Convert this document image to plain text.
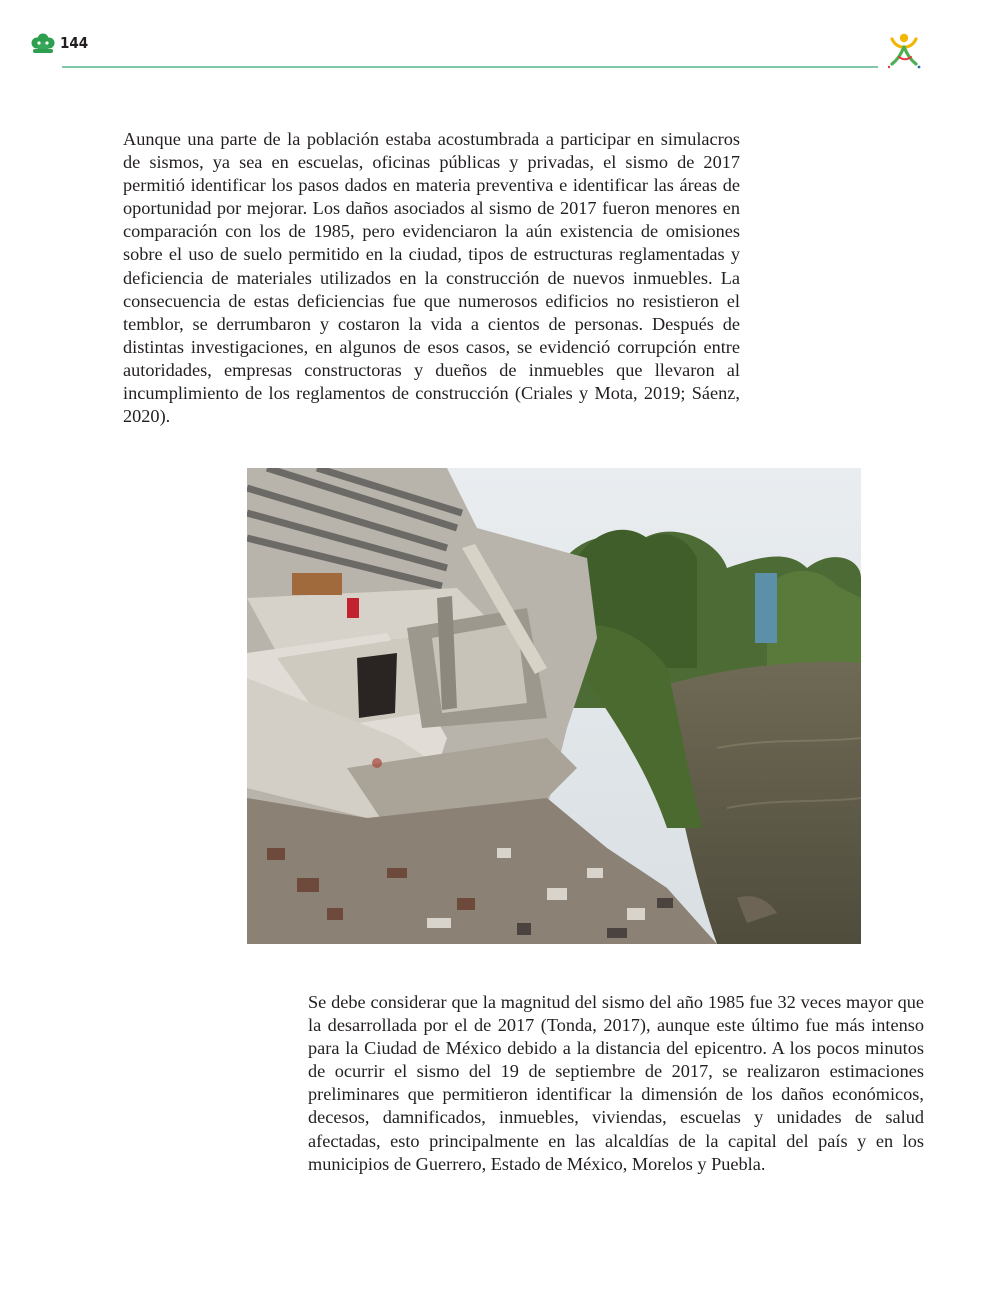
144

Aunque una parte de la población estaba acostumbrada a participar en simulacros de sismos, ya sea en escuelas, oficinas públicas y privadas, el sismo de 2017 permitió identificar los pasos dados en materia preventiva e identificar las áreas de oportunidad por mejorar. Los daños asociados al sismo de 2017 fueron menores en comparación con los de 1985, pero evidenciaron la aún existencia de omisiones sobre el uso de suelo permitido en la ciudad, tipos de estructuras reglamentadas y deficiencia de materiales utilizados en la construcción de nuevos inmuebles. La consecuencia de estas deficiencias fue que numerosos edificios no resistieron el temblor, se derrumbaron y costaron la vida a cientos de personas. Después de distintas investigaciones, en algunos de esos casos, se evidenció corrupción entre autoridades, empresas constructoras y dueños de inmuebles que llevaron al incumplimiento de los reglamentos de construcción (Criales y Mota, 2019; Sáenz, 2020).

Se debe considerar que la magnitud del sismo del año 1985 fue 32 veces mayor que la desarrollada por el de 2017 (Tonda, 2017), aunque este último fue más intenso para la Ciudad de México debido a la distancia del epicentro. A los pocos minutos de ocurrir el sismo del 19 de septiembre de 2017, se realizaron estimaciones preliminares que permitieron identificar la dimensión de los daños económicos, decesos, damnificados, inmuebles, viviendas, escuelas y unidades de salud afectadas, esto principalmente en las alcaldías de la capital del país y en los municipios de Guerrero, Estado de México, Morelos y Puebla.
